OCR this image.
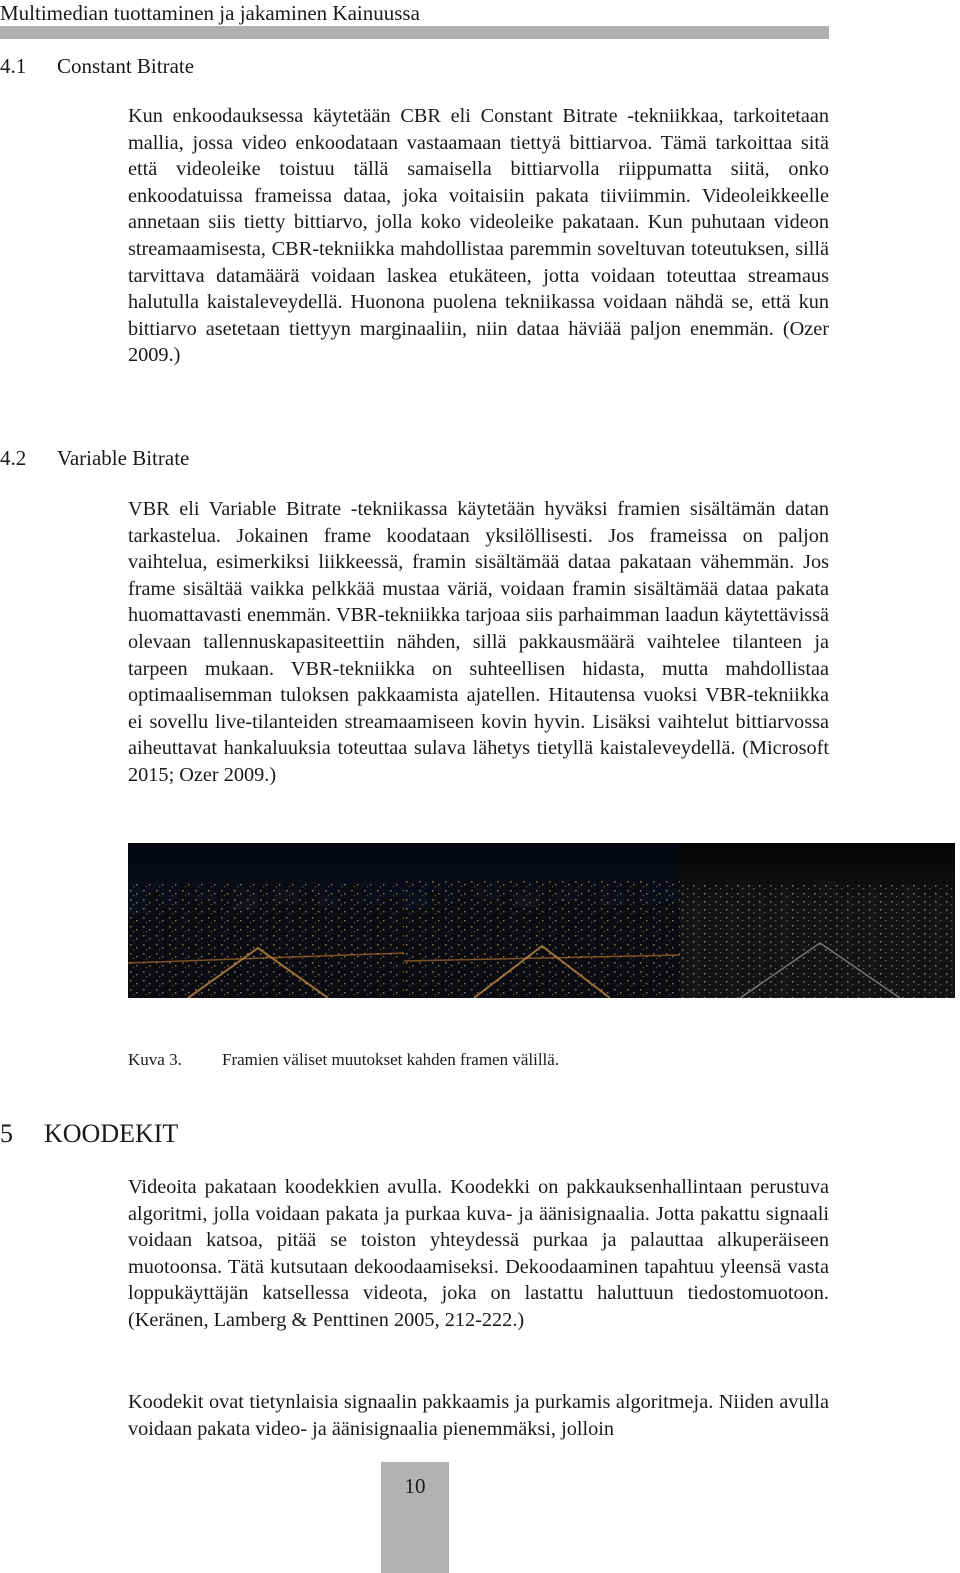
Multimedian tuottaminen ja jakaminen Kainuussa
4.1 Constant Bitrate

Kun enkoodauksessa käytetään CBR eli Constant Bitrate -tekniikkaa, tarkoitetaan mallia, jossa video enkoodataan vastaamaan tiettyä bittiarvoa. Tämä tarkoittaa sitä että videoleike toistuu tällä samaisella bittiarvolla riippumatta siitä, onko enkoodatuissa frameissa dataa, joka voitaisiin pakata tiiviimmin. Videoleikkeelle annetaan siis tietty bittiarvo, jolla koko videoleike pakataan. Kun puhutaan videon streamaamisesta, CBR-tekniikka mahdollistaa paremmin soveltuvan toteutuksen, sillä tarvittava datamäärä voidaan laskea etukäteen, jotta voidaan toteuttaa streamaus halutulla kaistaleveydellä. Huonona puolena tekniikassa voidaan nähdä se, että kun bittiarvo asetetaan tiettyyn marginaaliin, niin dataa häviää paljon enemmän. (Ozer 2009.)

4.2 Variable Bitrate

VBR eli Variable Bitrate -tekniikassa käytetään hyväksi framien sisältämän datan tarkastelua. Jokainen frame koodataan yksilöllisesti. Jos frameissa on paljon vaihtelua, esimerkiksi liikkeessä, framin sisältämää dataa pakataan vähemmän. Jos frame sisältää vaikka pelkkää mustaa väriä, voidaan framin sisältämää dataa pakata huomattavasti enemmän. VBR-tekniikka tarjoaa siis parhaimman laadun käytettävissä olevaan tallennuskapasiteettiin nähden, sillä pakkausmäärä vaihtelee tilanteen ja tarpeen mukaan. VBR-tekniikka on suhteellisen hidasta, mutta mahdollistaa optimaalisemman tuloksen pakkaamista ajatellen. Hitautensa vuoksi VBR-tekniikka ei sovellu live-tilanteiden streamaamiseen kovin hyvin. Lisäksi vaihtelut bittiarvossa aiheuttavat hankaluuksia toteuttaa sulava lähetys tietyllä kaistaleveydellä. (Microsoft 2015; Ozer 2009.)

Kuva 3. Framien väliset muutokset kahden framen välillä.
5 KOODEKIT

Videoita pakataan koodekkien avulla. Koodekki on pakkauksenhallintaan perustuva algoritmi, jolla voidaan pakata ja purkaa kuva- ja äänisignaalia. Jotta pakattu signaali voidaan katsoa, pitää se toiston yhteydessä purkaa ja palauttaa alkuperäiseen muotoonsa. Tätä kutsutaan dekoodaamiseksi. Dekoodaaminen tapahtuu yleensä vasta loppukäyttäjän katsellessa videota, joka on lastattu haluttuun tiedostomuotoon. (Keränen, Lamberg & Penttinen 2005, 212-222.)

Koodekit ovat tietynlaisia signaalin pakkaamis ja purkamis algoritmeja. Niiden avulla voidaan pakata video- ja äänisignaalia pienemmäksi, jolloin

10
